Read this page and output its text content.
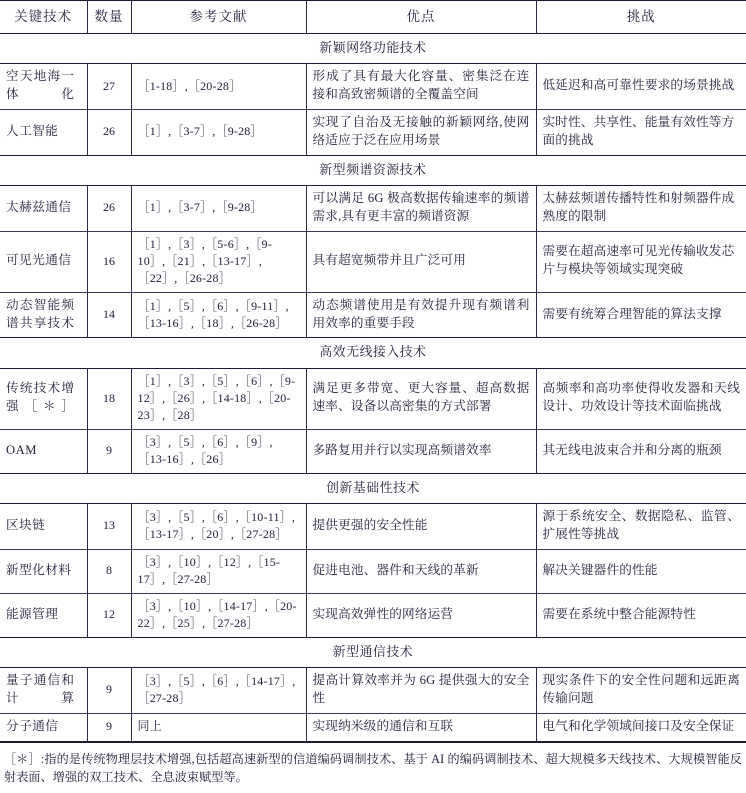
关键技术	数量	参考文献	优点	挑战
新颖网络功能技术				
空天地海一体化	27	［1-18］,［20-28］	形成了具有最大化容量、密集泛在连接和高致密频谱的全覆盖空间	低延迟和高可靠性要求的场景挑战
人工智能	26	［1］,［3-7］,［9-28］	实现了自治及无接触的新颖网络,使网络适应于泛在应用场景	实时性、共享性、能量有效性等方面的挑战
新型频谱资源技术				
太赫兹通信	26	［1］,［3-7］,［9-28］	可以满足 6G 极高数据传输速率的频谱需求,具有更丰富的频谱资源	太赫兹频谱传播特性和射频器件成熟度的限制
可见光通信	16	［1］,［3］,［5-6］,［9-10］,［21］,［13-17］,［22］,［26-28］	具有超宽频带并且广泛可用	需要在超高速率可见光传输收发芯片与模块等领域实现突破
动态智能频谱共享技术	14	［1］,［5］,［6］,［9-11］,［13-16］,［18］,［26-28］	动态频谱使用是有效提升现有频谱利用效率的重要手段	需要有统筹合理智能的算法支撑
高效无线接入技术				
传统技术增强［＊］	18	［1］,［3］,［5］,［6］,［9-12］,［26］,［14-18］,［20-23］,［28］	满足更多带宽、更大容量、超高数据速率、设备以高密集的方式部署	高频率和高功率使得收发器和天线设计、功效设计等技术面临挑战
OAM	9	［3］,［5］,［6］,［9］,［13-16］,［26］	多路复用并行以实现高频谱效率	其无线电波束合并和分离的瓶颈
创新基础性技术				
区块链	13	［3］,［5］,［6］,［10-11］,［13-17］,［20］,［27-28］	提供更强的安全性能	源于系统安全、数据隐私、监管、扩展性等挑战
新型化材料	8	［3］,［10］,［12］,［15-17］,［27-28］	促进电池、器件和天线的革新	解决关键器件的性能
能源管理	12	［3］,［10］,［14-17］,［20-22］,［25］,［27-28］	实现高效弹性的网络运营	需要在系统中整合能源特性
新型通信技术				
量子通信和计算	9	［3］,［5］,［6］,［14-17］,［27-28］	提高计算效率并为 6G 提供强大的安全性	现实条件下的安全性问题和远距离传输问题
分子通信	9	同上	实现纳米级的通信和互联	电气和化学领域间接口及安全保证
［＊］:指的是传统物理层技术增强,包括超高速新型的信道编码调制技术、基于 AI 的编码调制技术、超大规模多天线技术、大规模智能反射表面、增强的双工技术、全息波束赋型等。
